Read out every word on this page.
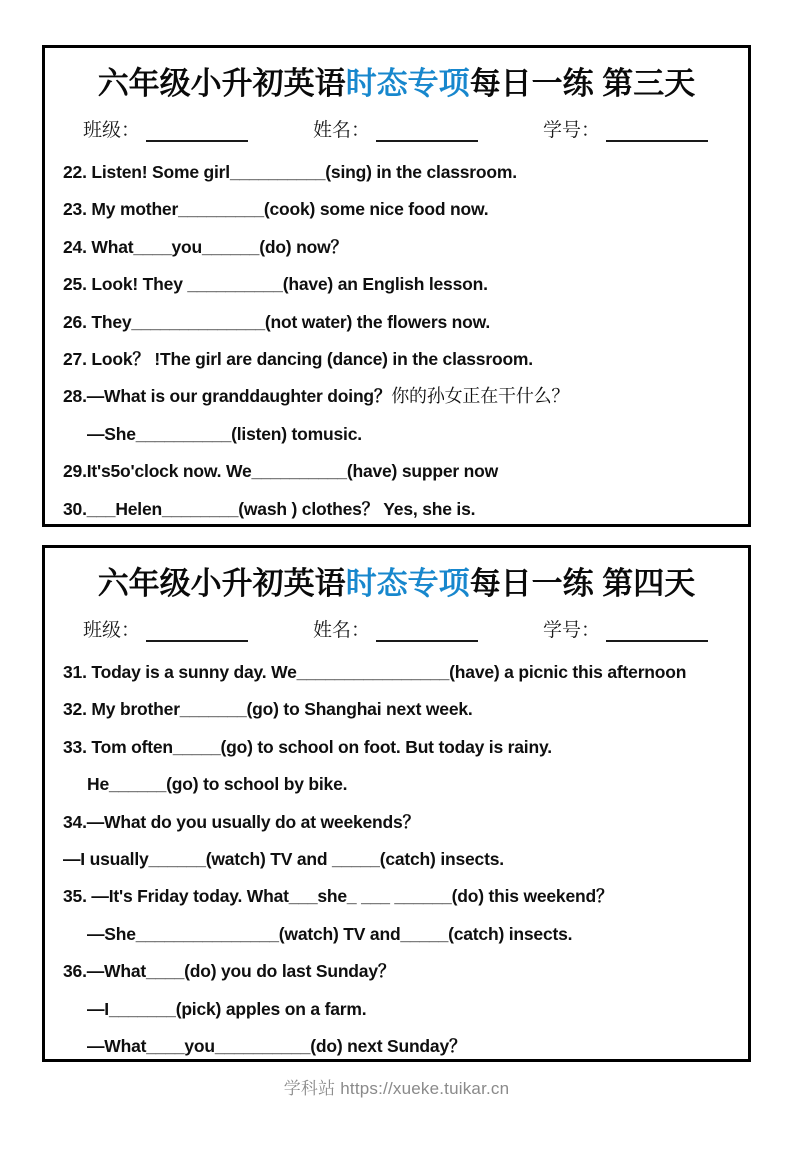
六年级小升初英语时态专项每日一练 第三天
班级：	姓名：	学号：
22. Listen! Some girl__________(sing) in the classroom.
23. My mother_________(cook) some nice food now.
24. What____you______(do) now？
25. Look! They __________(have) an English lesson.
26. They______________(not water) the flowers now.
27. Look？ !The girl are dancing (dance) in the classroom.
28.—What is our granddaughter doing？你的孙女正在干什么？
—She__________(listen) tomusic.
29.It's5o'clock now. We__________(have) supper now
30.___Helen________(wash ) clothes？ Yes, she is.
六年级小升初英语时态专项每日一练 第四天
班级：	姓名：	学号：
31. Today is a sunny day. We________________(have) a picnic this afternoon
32. My brother_______(go) to Shanghai next week.
33. Tom often_____(go) to school on foot. But today is rainy.
He______(go) to school by bike.
34.—What do you usually do at weekends？
—I usually______(watch) TV and _____(catch) insects.
35. —It's Friday today. What___she_ ___ ______(do) this weekend？
—She_______________(watch) TV and_____(catch) insects.
36.—What____(do) you do last Sunday？
—I_______(pick) apples on a farm.
—What____you__________(do) next Sunday？
学科站 https://xueke.tuikar.cn
